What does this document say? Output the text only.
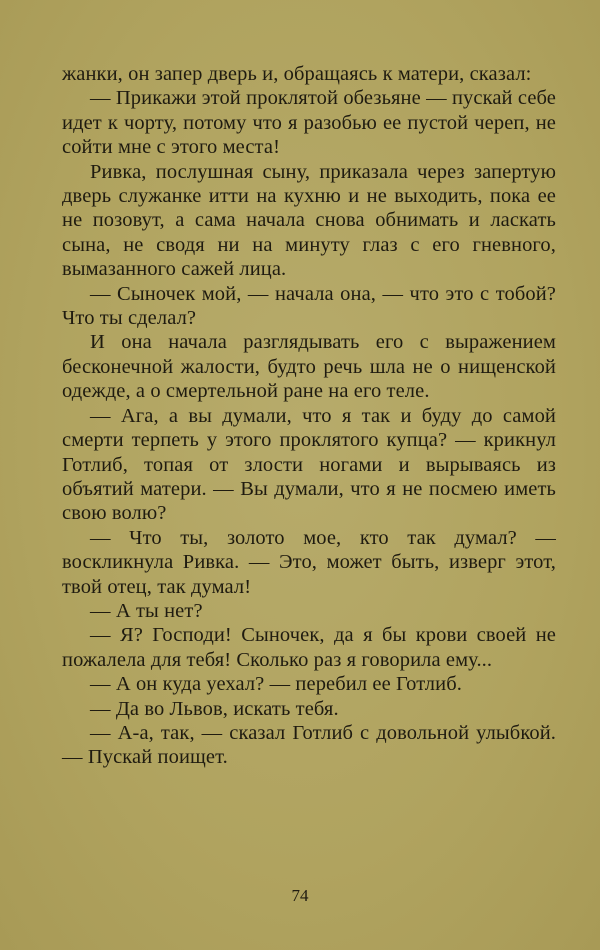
жанки, он запер дверь и, обращаясь к матери, сказал:

— Прикажи этой проклятой обезьяне — пускай себе идет к чорту, потому что я разобью ее пустой череп, не сойти мне с этого места!

Ривка, послушная сыну, приказала через запертую дверь служанке итти на кухню и не выходить, пока ее не позовут, а сама начала снова обнимать и ласкать сына, не сводя ни на минуту глаз с его гневного, вымазанного сажей лица.

— Сыночек мой, — начала она, — что это с тобой? Что ты сделал?

И она начала разглядывать его с выражением бесконечной жалости, будто речь шла не о нищенской одежде, а о смертельной ране на его теле.

— Ага, а вы думали, что я так и буду до самой смерти терпеть у этого проклятого купца? — крикнул Готлиб, топая от злости ногами и вырываясь из объятий матери. — Вы думали, что я не посмею иметь свою волю?

— Что ты, золото мое, кто так думал? — воскликнула Ривка. — Это, может быть, изверг этот, твой отец, так думал!

— А ты нет?

— Я? Господи! Сыночек, да я бы крови своей не пожалела для тебя! Сколько раз я говорила ему...

— А он куда уехал? — перебил ее Готлиб.

— Да во Львов, искать тебя.

— А-а, так, — сказал Готлиб с довольной улыбкой. — Пускай поищет.

74
